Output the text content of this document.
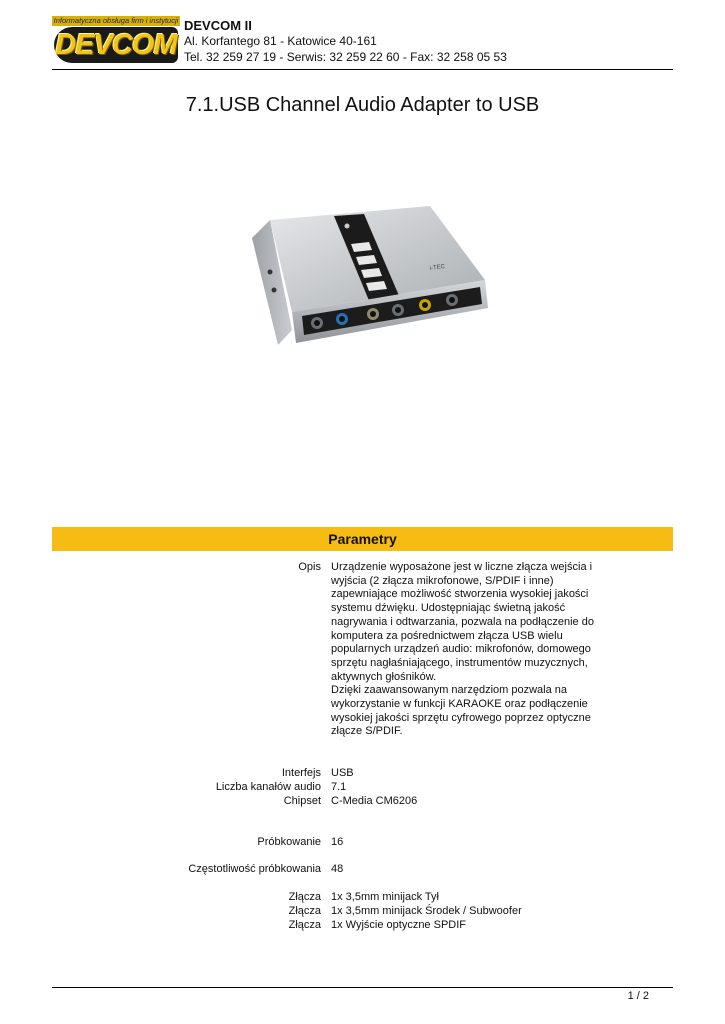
Informatyczna obsługa firm i instytucji
DEVCOM
DEVCOM II
Al. Korfantego 81 - Katowice 40-161
Tel. 32 259 27 19 - Serwis: 32 259 22 60 - Fax: 32 258 05 53
7.1.USB Channel Audio Adapter to USB
i-TEC
Parametry
Opis Urządzenie wyposażone jest w liczne złącza wejścia i
wyjścia (2 złącza mikrofonowe, S/PDIF i inne)
zapewniające możliwość stworzenia wysokiej jakości
systemu dźwięku. Udostępniając świetną jakość
nagrywania i odtwarzania, pozwala na podłączenie do
komputera za pośrednictwem złącza USB wielu
popularnych urządzeń audio: mikrofonów, domowego
sprzętu nagłaśniającego, instrumentów muzycznych,
aktywnych głośników.
Dzięki zaawansowanym narzędziom pozwala na
wykorzystanie w funkcji KARAOKE oraz podłączenie
wysokiej jakości sprzętu cyfrowego poprzez optyczne
złącze S/PDIF.
Interfejs USB
Liczba kanałów audio 7.1
Chipset C-Media CM6206
Próbkowanie 16
Częstotliwość próbkowania 48
Złącza 1x 3,5mm minijack Tył
Złącza 1x 3,5mm minijack Środek / Subwoofer
Złącza 1x Wyjście optyczne SPDIF
1 / 2
